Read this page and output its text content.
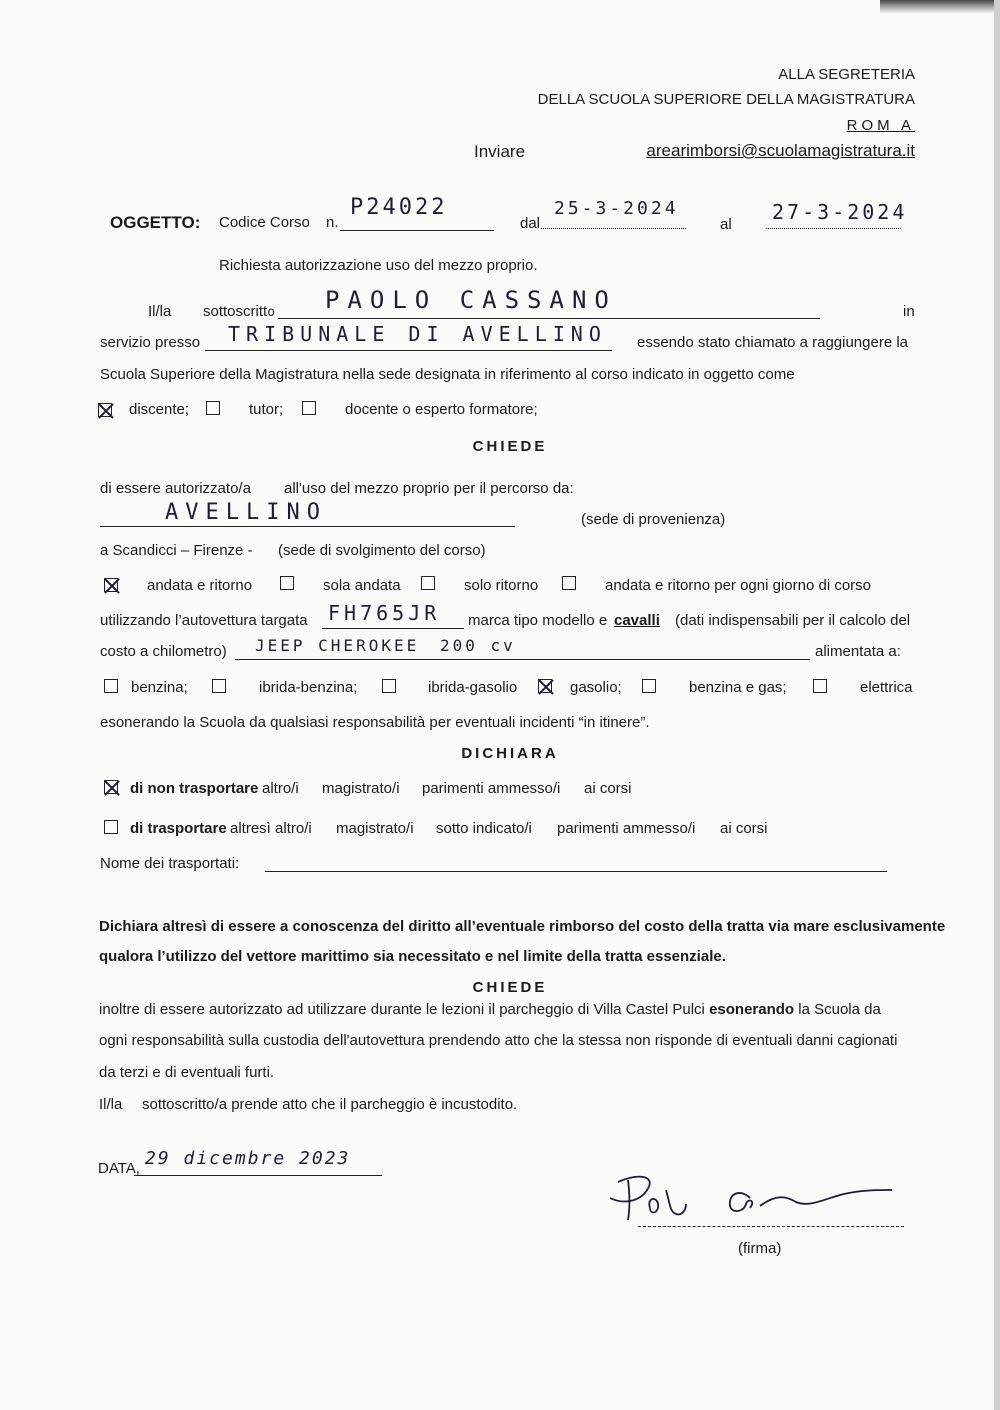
ALLA SEGRETERIA
DELLA SCUOLA SUPERIORE DELLA MAGISTRATURA
ROM A
Inviare	arearimborsi@scuolamagistratura.it
OGGETTO: Codice Corso n.
P24022
dal
25-3-2024
al
27-3-2024
Richiesta autorizzazione uso del mezzo proprio.
Il/la sottoscritto PAOLO CASSANO	in
servizio presso TRIBUNALE DI AVELLINO essendo stato chiamato a raggiungere la
Scuola Superiore della Magistratura nella sede designata in riferimento al corso indicato in oggetto come
discente;	tutor;	docente o esperto formatore;
CHIEDE
di essere autorizzato/a all'uso del mezzo proprio per il percorso da:
AVELLINO	(sede di provenienza)
a Scandicci – Firenze - (sede di svolgimento del corso)
andata e ritorno	sola andata	solo ritorno	andata e ritorno per ogni giorno di corso
utilizzando l’autovettura targata FH765JR marca tipo modello e cavalli (dati indispensabili per il calcolo del
costo a chilometro) JEEP CHEROKEE 200 cv	alimentata a:
benzina;	ibrida-benzina;	ibrida-gasolio	gasolio;	benzina e gas;	elettrica
esonerando la Scuola da qualsiasi responsabilità per eventuali incidenti “in itinere”.
DICHIARA
di non trasportare altro/i magistrato/i parimenti ammesso/i ai corsi
di trasportare altresì altro/i magistrato/i sotto indicato/i parimenti ammesso/i ai corsi
Nome dei trasportati:
Dichiara altresì di essere a conoscenza del diritto all’eventuale rimborso del costo della tratta via mare esclusivamente
qualora l’utilizzo del vettore marittimo sia necessitato e nel limite della tratta essenziale.
CHIEDE
inoltre di essere autorizzato ad utilizzare durante le lezioni il parcheggio di Villa Castel Pulci esonerando la Scuola da
ogni responsabilità sulla custodia dell'autovettura prendendo atto che la stessa non risponde di eventuali danni cagionati
da terzi e di eventuali furti.
Il/la sottoscritto/a prende atto che il parcheggio è incustodito.
DATA, 29 dicembre 2023
(firma)
